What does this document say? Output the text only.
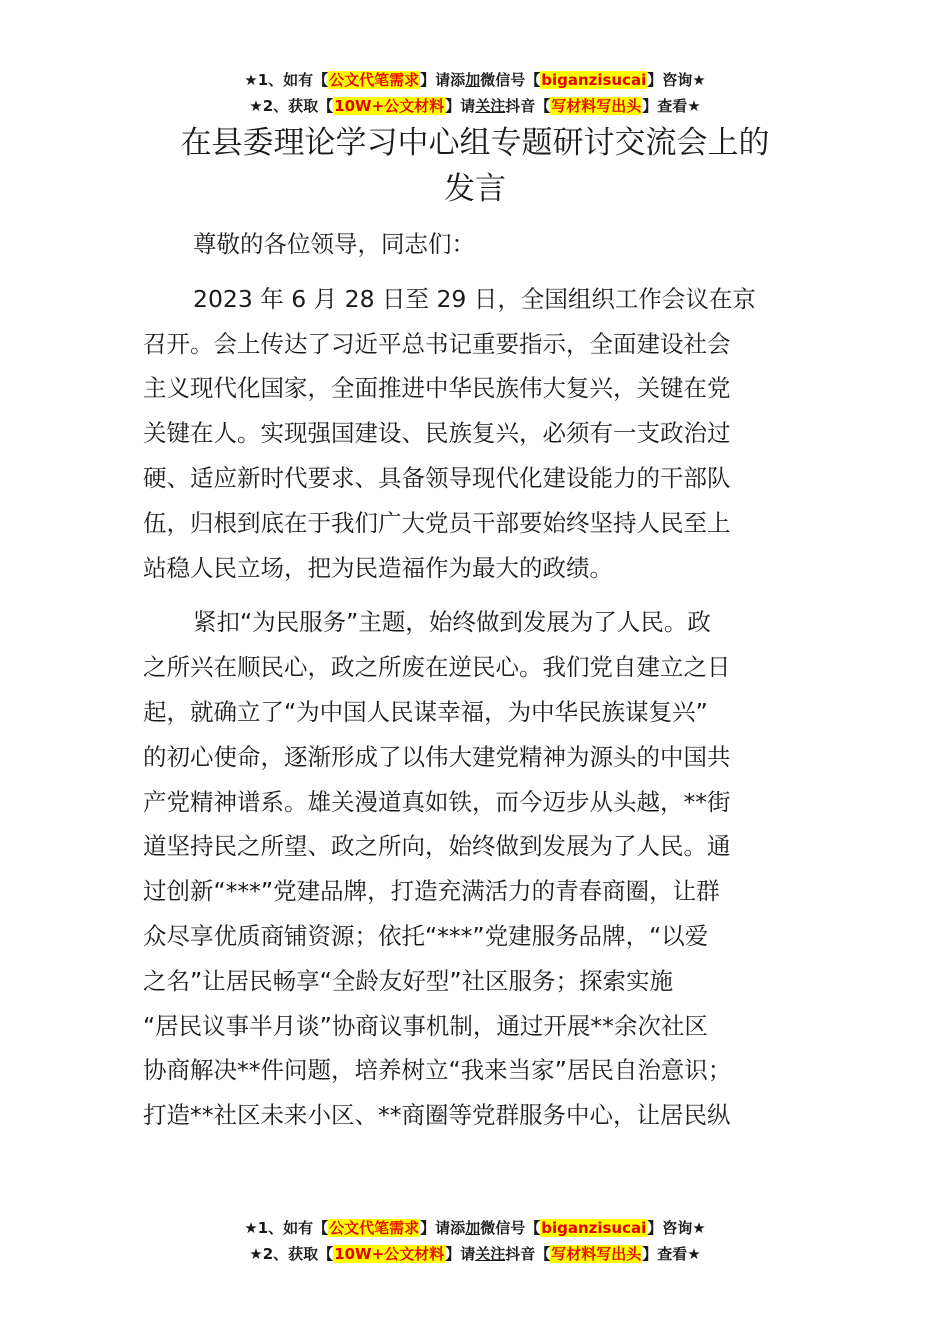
★1、如有【公文代笔需求】请添加微信号【biganzisucai】咨询★
★2、获取【10W+公文材料】请关注抖音【写材料写出头】查看★
在县委理论学习中心组专题研讨交流会上的
发言
尊敬的各位领导，同志们：
2023 年 6 月 28 日至 29 日，全国组织工作会议在京
召开。会上传达了习近平总书记重要指示，全面建设社会
主义现代化国家，全面推进中华民族伟大复兴，关键在党
关键在人。实现强国建设、民族复兴，必须有一支政治过
硬、适应新时代要求、具备领导现代化建设能力的干部队
伍，归根到底在于我们广大党员干部要始终坚持人民至上
站稳人民立场，把为民造福作为最大的政绩。
紧扣“为民服务”主题，始终做到发展为了人民。政
之所兴在顺民心，政之所废在逆民心。我们党自建立之日
起，就确立了“为中国人民谋幸福，为中华民族谋复兴”
的初心使命，逐渐形成了以伟大建党精神为源头的中国共
产党精神谱系。雄关漫道真如铁，而今迈步从头越，**街
道坚持民之所望、政之所向，始终做到发展为了人民。通
过创新“***”党建品牌，打造充满活力的青春商圈，让群
众尽享优质商铺资源；依托“***”党建服务品牌，“以爱
之名”让居民畅享“全龄友好型”社区服务；探索实施
“居民议事半月谈”协商议事机制，通过开展**余次社区
协商解决**件问题，培养树立“我来当家”居民自治意识；
打造**社区未来小区、**商圈等党群服务中心，让居民纵
★1、如有【公文代笔需求】请添加微信号【biganzisucai】咨询★
★2、获取【10W+公文材料】请关注抖音【写材料写出头】查看★
